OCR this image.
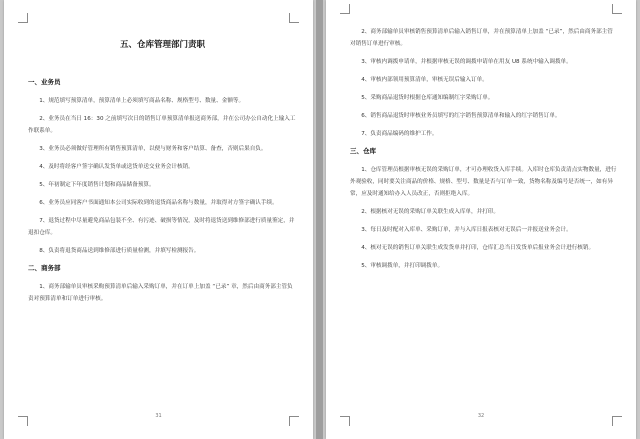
五、仓库管理部门责职
一、业务员
1、规范填写预算清单，预算清单上必须填写商品名称、规格型号、数量、金额等。
2、业务员在当日 16：30 之前填写次日的销售订单预算清单报送商务部，并在公司办公自动化上输入工作联系单。
3、业务员必须做好管理所有销售预算清单，以便与财务和客户结算、备查，否则后果自负。
4、及时将经客户签字确认发货单或送货单送交业务会计核销。
5、年初制定下年度销售计划和商品储备预算。
6、业务员应同客户书面通知本公司实际收到的退货商品名称与数量，并取得对方签字确认手续。
7、退货过程中尽量避免商品包装不全、有污迹、破损等情况，及时将退货送到维修部进行质量鉴定，并退扣仓库。
8、负责将退货商品送到维修部进行质量检测，并填写检测报告。
二、商务部
1、商务部输单员审核采购预算清单后输入采购订单，并在订单上加盖 “已录” 章，然后由商务部主管负责对预算清单和订单进行审核。
31
2、商务部输单员审核销售预算清单后输入销售订单，并在预算清单上加盖 “已录”，然后由商务部主管对销售订单进行审核。
3、审核内调拨申请单，并根据审核无误的调拨申请单在用友 U8 系统中输入调拨单。
4、审核内部领用预算清单，审核无误后输入订单。
5、采购商品退货时根据仓库通知编制红字采购订单。
6、销售商品退货时审核业务员填写的红字销售预算清单和输入的红字销售订单。
7、负责商品编码的维护工作。
三、仓库
1、仓库管理员根据审核无误的采购订单，才可办理收货入库手续。入库时仓库负责清点实物数量，进行外观验收，同时要关注商品的价格、规格、型号、数量是否与订单一致，货物名称及编号是否统一，如有异常，应及时通知给办入人员改正，否则拒绝入库。
2、根据核对无误的采购订单关联生成入库单，并打印。
3、每日及时配对入库单、采购订单，并与入库日报表核对无误后一并报送业务会计。
4、核对无误的销售订单关联生成发货单并打印，仓库汇总当日发货单后报业务会计进行核销。
5、审核调拨单，并打印调拨单。
32
